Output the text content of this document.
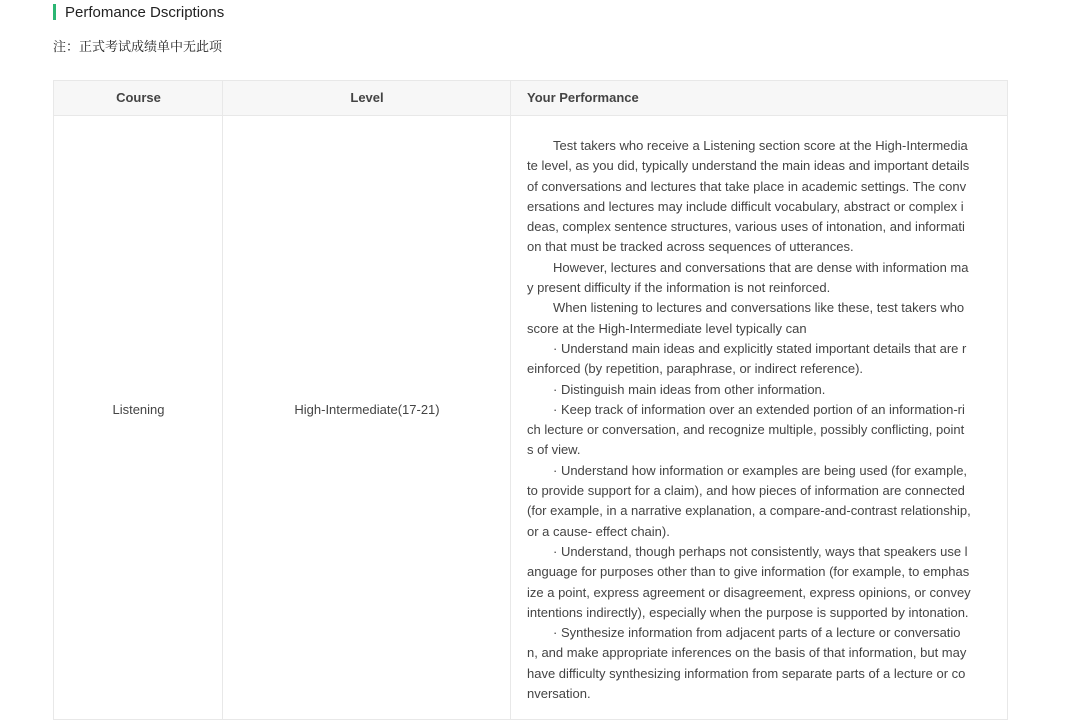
Perfomance Dscriptions
注：正式考试成绩单中无此项
Course	Level	Your Performance
Listening	High-Intermediate(17-21)
　　Test takers who receive a Listening section score at the High-Intermedia
te level, as you did, typically understand the main ideas and important details
of conversations and lectures that take place in academic settings. The conv
ersations and lectures may include difficult vocabulary, abstract or complex i
deas, complex sentence structures, various uses of intonation, and informati
on that must be tracked across sequences of utterances.
　　However, lectures and conversations that are dense with information ma
y present difficulty if the information is not reinforced.
　　When listening to lectures and conversations like these, test takers who
score at the High-Intermediate level typically can
　　· Understand main ideas and explicitly stated important details that are r
einforced (by repetition, paraphrase, or indirect reference).
　　· Distinguish main ideas from other information.
　　· Keep track of information over an extended portion of an information-ri
ch lecture or conversation, and recognize multiple, possibly conflicting, point
s of view.
　　· Understand how information or examples are being used (for example,
to provide support for a claim), and how pieces of information are connected
(for example, in a narrative explanation, a compare-and-contrast relationship,
or a cause- effect chain).
　　· Understand, though perhaps not consistently, ways that speakers use l
anguage for purposes other than to give information (for example, to emphas
ize a point, express agreement or disagreement, express opinions, or convey
intentions indirectly), especially when the purpose is supported by intonation.
　　· Synthesize information from adjacent parts of a lecture or conversatio
n, and make appropriate inferences on the basis of that information, but may
have difficulty synthesizing information from separate parts of a lecture or co
nversation.
